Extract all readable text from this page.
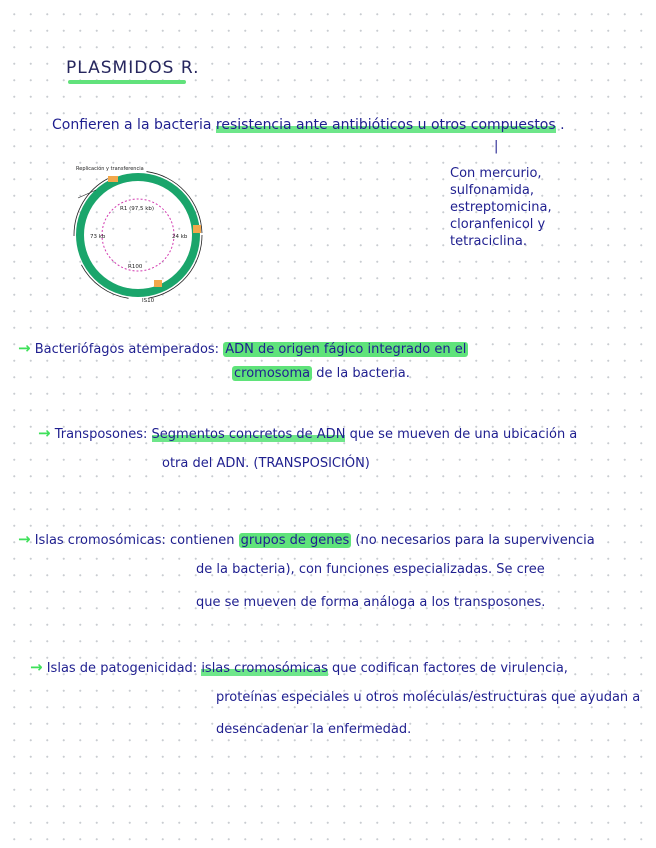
PLASMIDOS R.
Confieren a la bacteria resistencia ante antibióticos u otros compuestos .
|
Con mercurio, sulfonamida, estreptomicina, cloranfenicol y tetraciclina.
Replicación y transferencia
R1 (97,5 kb)
73 kb
R100
24 kb
IS10
→ Bacteriófagos atemperados: ADN de origen fágico integrado en el
cromosoma de la bacteria.
→ Transposones: Segmentos concretos de ADN que se mueven de una ubicación a
otra del ADN. (TRANSPOSICIÓN)
→ Islas cromosómicas: contienen grupos de genes (no necesarios para la supervivencia
de la bacteria), con funciones especializadas. Se cree
que se mueven de forma análoga a los transposones.
→ Islas de patogenicidad: islas cromosómicas que codifican factores de virulencia,
proteínas especiales u otros moléculas/estructuras que ayudan a
desencadenar la enfermedad.
